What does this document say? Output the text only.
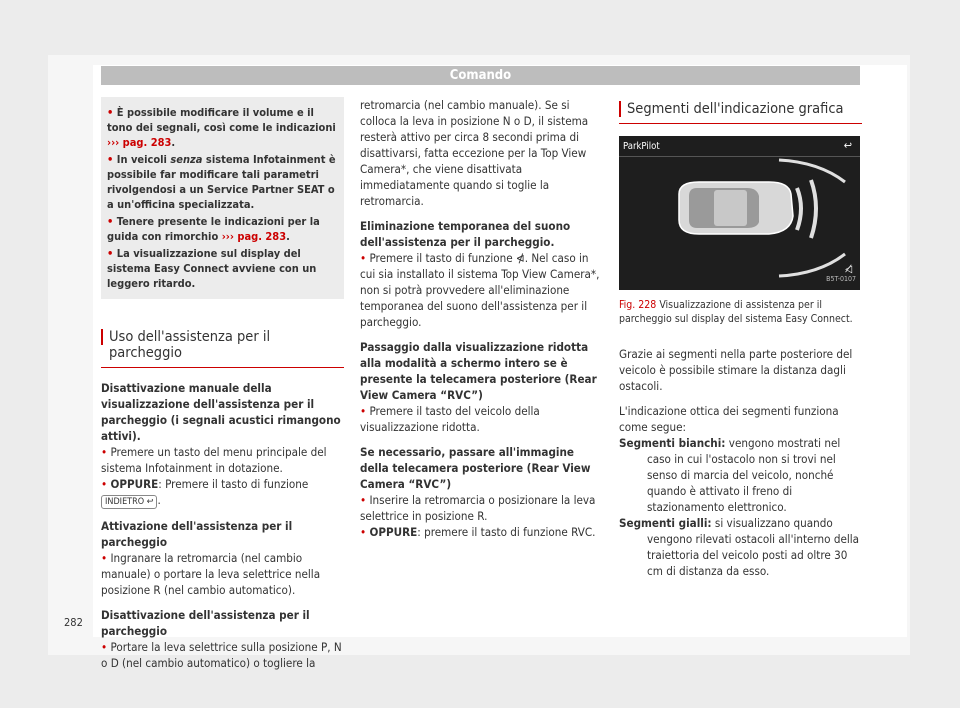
Comando

• È possibile modificare il volume e il tono dei segnali, così come le indicazioni ››› pag. 283.

• In veicoli senza sistema Infotainment è possibile far modificare tali parametri rivolgendosi a un Service Partner SEAT o a un'officina specializzata.

• Tenere presente le indicazioni per la guida con rimorchio ››› pag. 283.

• La visualizzazione sul display del sistema Easy Connect avviene con un leggero ritardo.

Uso dell'assistenza per il parcheggio

Disattivazione manuale della visualizzazione dell'assistenza per il parcheggio (i segnali acustici rimangono attivi).

• Premere un tasto del menu principale del sistema Infotainment in dotazione.

• OPPURE: Premere il tasto di funzione INDIETRO ↩ .

Attivazione dell'assistenza per il parcheggio

• Ingranare la retromarcia (nel cambio manuale) o portare la leva selettrice nella posizione R (nel cambio automatico).

Disattivazione dell'assistenza per il parcheggio

• Portare la leva selettrice sulla posizione P, N o D (nel cambio automatico) o togliere la

retromarcia (nel cambio manuale). Se si colloca la leva in posizione N o D, il sistema resterà attivo per circa 8 secondi prima di disattivarsi, fatta eccezione per la Top View Camera*, che viene disattivata immediatamente quando si toglie la retromarcia.

Eliminazione temporanea del suono dell'assistenza per il parcheggio.

• Premere il tasto di funzione ⋪. Nel caso in cui sia installato il sistema Top View Camera*, non si potrà provvedere all'eliminazione temporanea del suono dell'assistenza per il parcheggio.

Passaggio dalla visualizzazione ridotta alla modalità a schermo intero se è presente la telecamera posteriore (Rear View Camera “RVC”)

• Premere il tasto del veicolo della visualizzazione ridotta.

Se necessario, passare all'immagine della telecamera posteriore (Rear View Camera “RVC”)

• Inserire la retromarcia o posizionare la leva selettrice in posizione R.

• OPPURE: premere il tasto di funzione RVC.

Segmenti dell'indicazione grafica
ParkPilot	↩
◁̸
B5T-0107

Fig. 228 Visualizzazione di assistenza per il parcheggio sul display del sistema Easy Connect.

Grazie ai segmenti nella parte posteriore del veicolo è possibile stimare la distanza dagli ostacoli.

L'indicazione ottica dei segmenti funziona come segue:

Segmenti bianchi: vengono mostrati nel caso in cui l'ostacolo non si trovi nel senso di marcia del veicolo, nonché quando è attivato il freno di stazionamento elettronico.

Segmenti gialli: si visualizzano quando vengono rilevati ostacoli all'interno della traiettoria del veicolo posti ad oltre 30 cm di distanza da esso.

282
